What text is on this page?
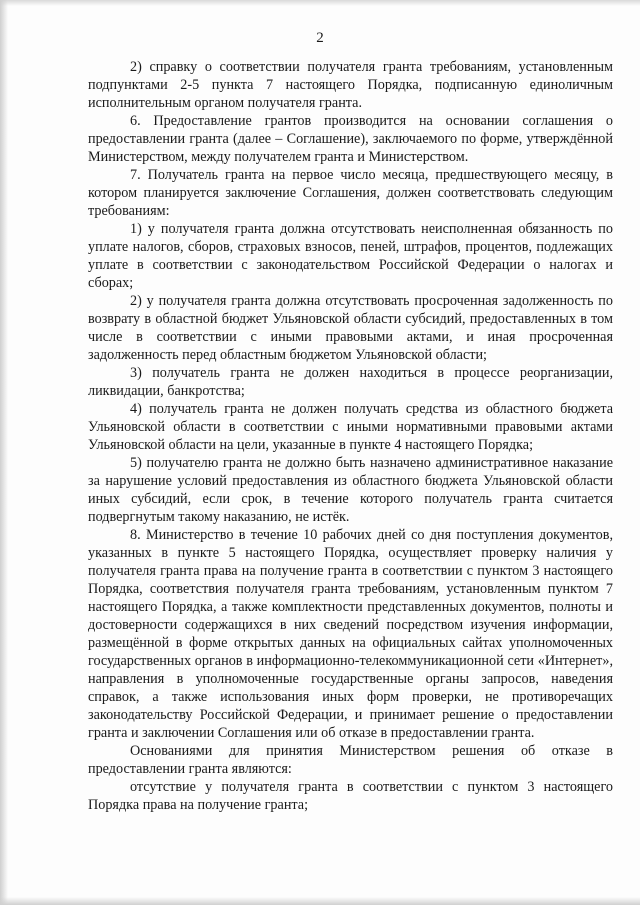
2

2) справку о соответствии получателя гранта требованиям, установленным подпунктами 2-5 пункта 7 настоящего Порядка, подписанную единоличным исполнительным органом получателя гранта.

6. Предоставление грантов производится на основании соглашения о предоставлении гранта (далее – Соглашение), заключаемого по форме, утверждённой Министерством, между получателем гранта и Министерством.

7. Получатель гранта на первое число месяца, предшествующего месяцу, в котором планируется заключение Соглашения, должен соответствовать следующим требованиям:

1) у получателя гранта должна отсутствовать неисполненная обязанность по уплате налогов, сборов, страховых взносов, пеней, штрафов, процентов, подлежащих уплате в соответствии с законодательством Российской Федерации о налогах и сборах;

2) у получателя гранта должна отсутствовать просроченная задолженность по возврату в областной бюджет Ульяновской области субсидий, предоставленных в том числе в соответствии с иными правовыми актами, и иная просроченная задолженность перед областным бюджетом Ульяновской области;

3) получатель гранта не должен находиться в процессе реорганизации, ликвидации, банкротства;

4) получатель гранта не должен получать средства из областного бюджета Ульяновской области в соответствии с иными нормативными правовыми актами Ульяновской области на цели, указанные в пункте 4 настоящего Порядка;

5) получателю гранта не должно быть назначено административное наказание за нарушение условий предоставления из областного бюджета Ульяновской области иных субсидий, если срок, в течение которого получатель гранта считается подвергнутым такому наказанию, не истёк.

8. Министерство в течение 10 рабочих дней со дня поступления документов, указанных в пункте 5 настоящего Порядка, осуществляет проверку наличия у получателя гранта права на получение гранта в соответствии с пунктом 3 настоящего Порядка, соответствия получателя гранта требованиям, установленным пунктом 7 настоящего Порядка, а также комплектности представленных документов, полноты и достоверности содержащихся в них сведений посредством изучения информации, размещённой в форме открытых данных на официальных сайтах уполномоченных государственных органов в информационно-телекоммуникационной сети «Интернет», направления в уполномоченные государственные органы запросов, наведения справок, а также использования иных форм проверки, не противоречащих законодательству Российской Федерации, и принимает решение о предоставлении гранта и заключении Соглашения или об отказе в предоставлении гранта.

Основаниями для принятия Министерством решения об отказе в предоставлении гранта являются:

отсутствие у получателя гранта в соответствии с пунктом 3 настоящего Порядка права на получение гранта;
